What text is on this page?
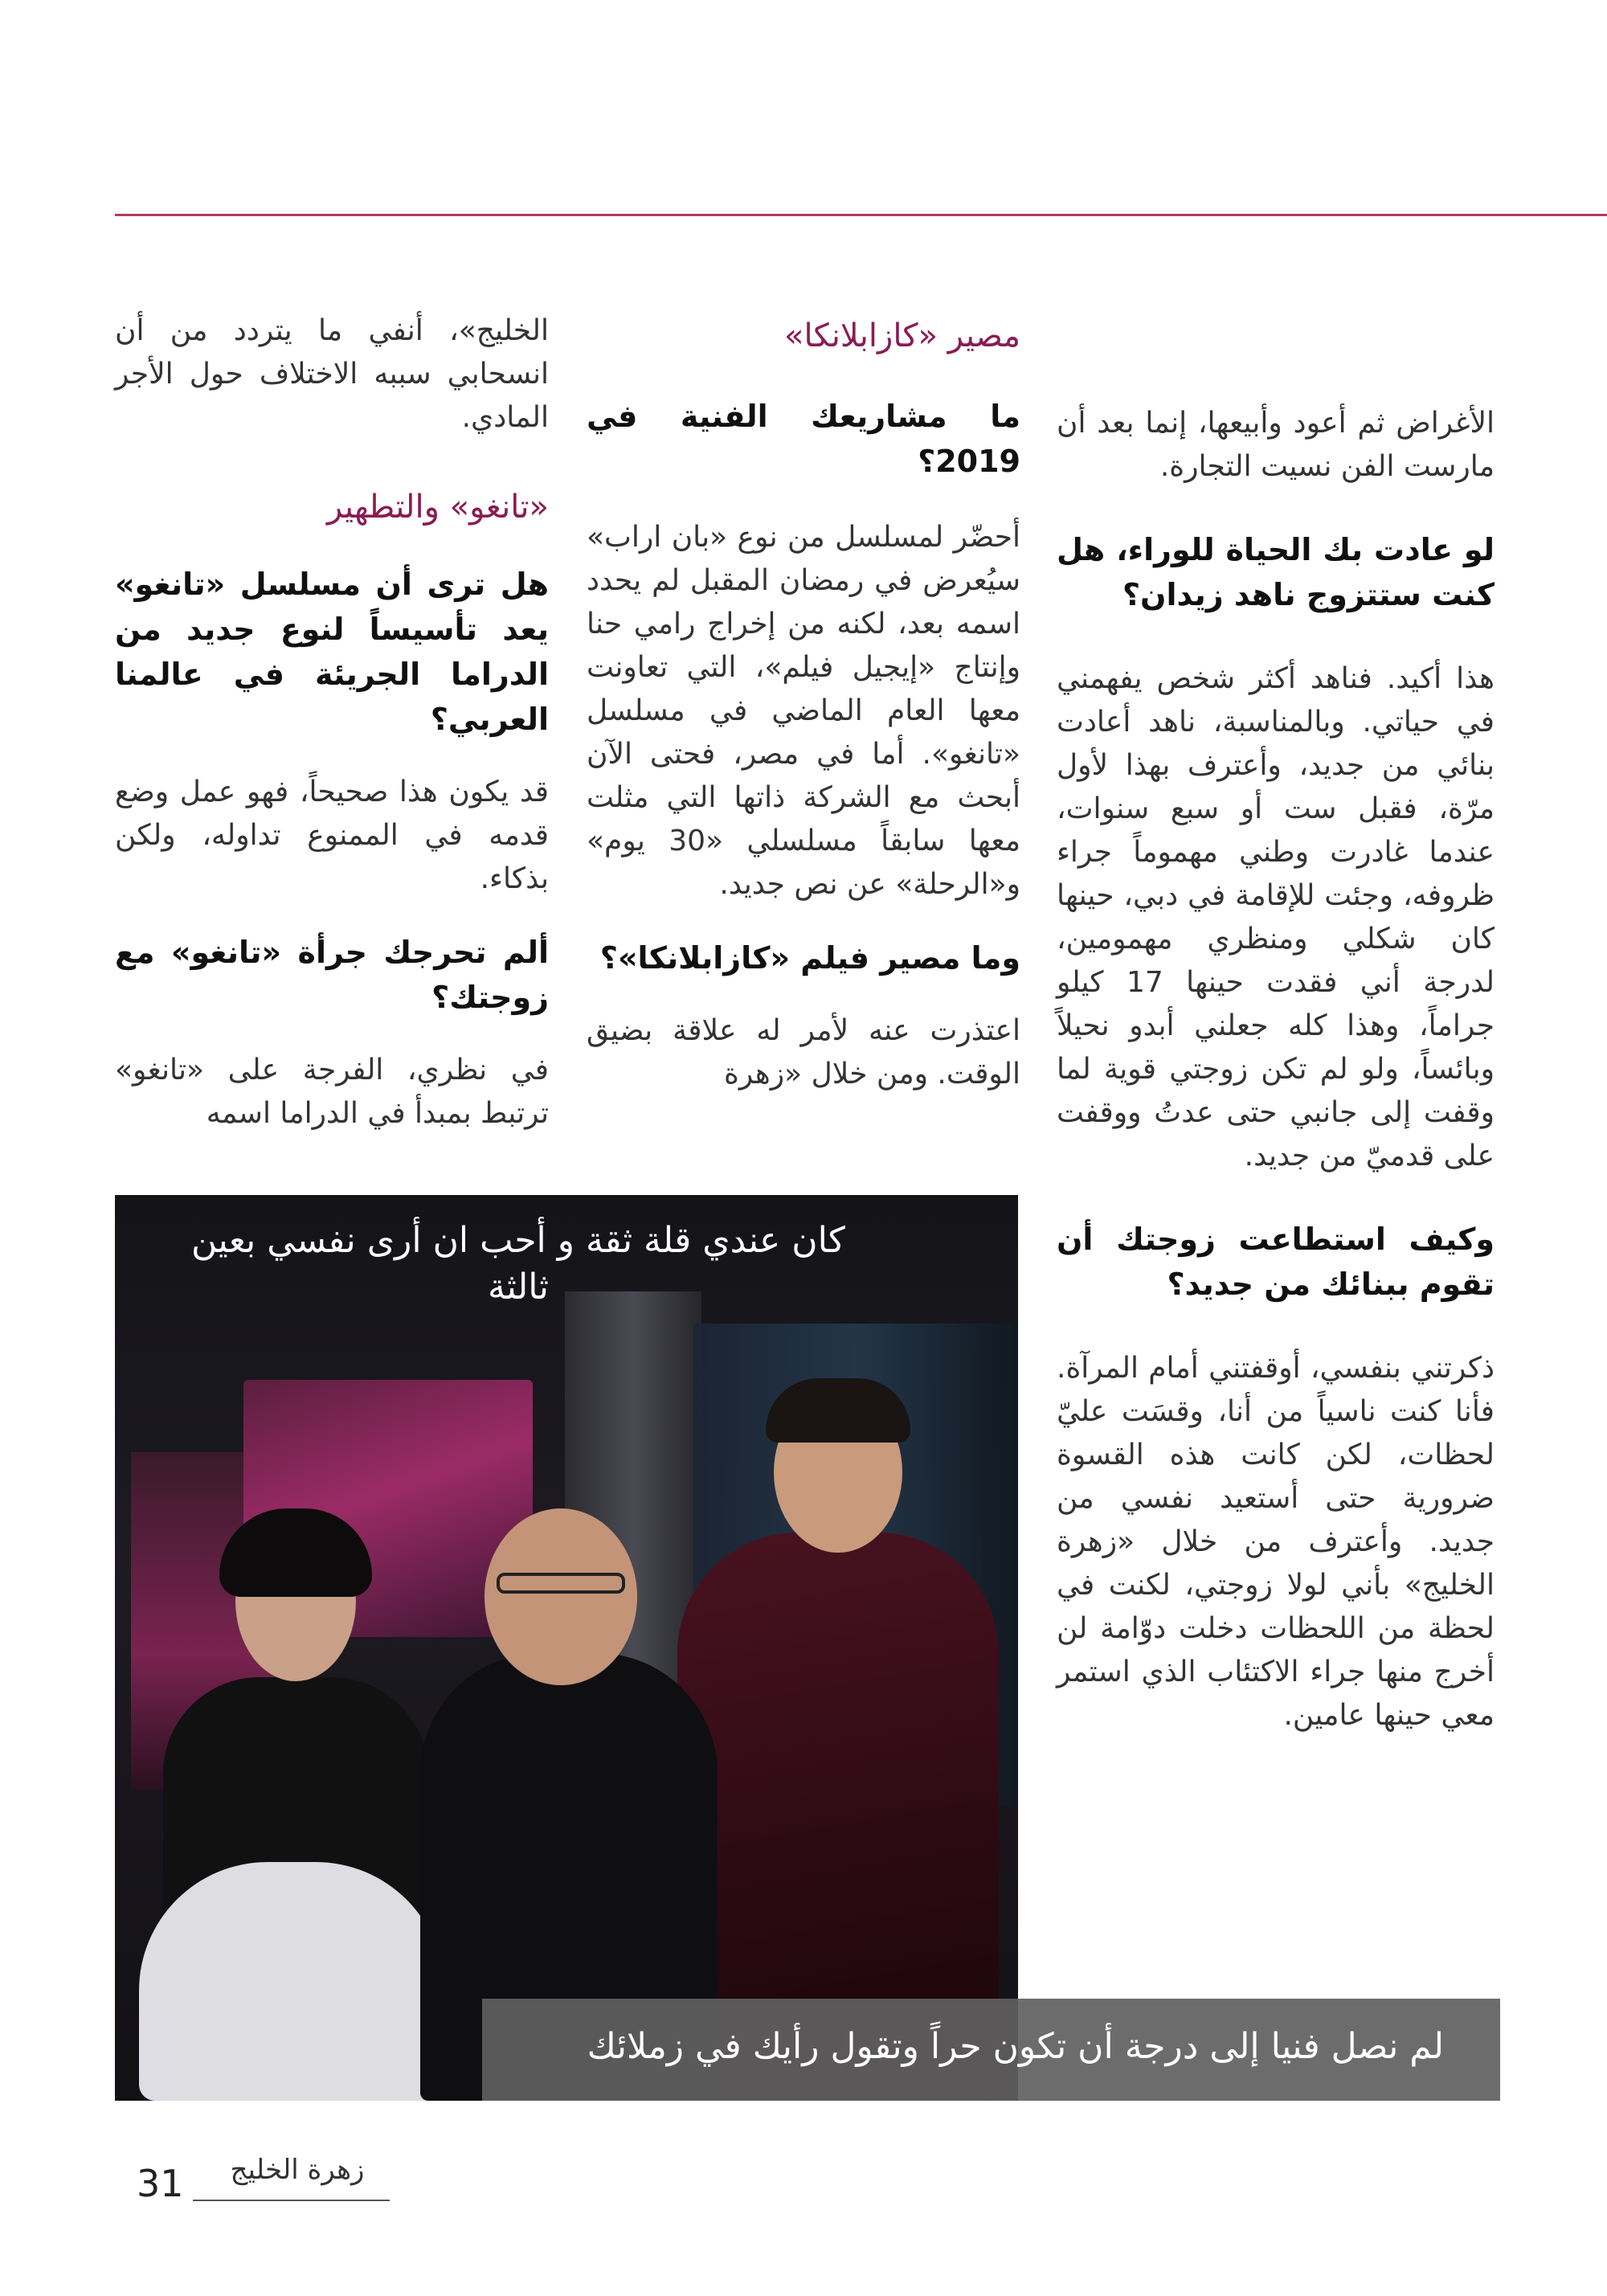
الأغراض ثم أعود وأبيعها، إنما بعد أن مارست الفن نسيت التجارة.

لو عادت بك الحياة للوراء، هل كنت ستتزوج ناهد زيدان؟

هذا أكيد. فناهد أكثر شخص يفهمني في حياتي. وبالمناسبة، ناهد أعادت بنائي من جديد، وأعترف بهذا لأول مرّة، فقبل ست أو سبع سنوات، عندما غادرت وطني مهموماً جراء ظروفه، وجئت للإقامة في دبي، حينها كان شكلي ومنظري مهمومين، لدرجة أني فقدت حينها 17 كيلو جراماً، وهذا كله جعلني أبدو نحيلاً وبائساً، ولو لم تكن زوجتي قوية لما وقفت إلى جانبي حتى عدتُ ووقفت على قدميّ من جديد.

وكيف استطاعت زوجتك أن تقوم ببنائك من جديد؟

ذكرتني بنفسي، أوقفتني أمام المرآة. فأنا كنت ناسياً من أنا، وقسَت عليّ لحظات، لكن كانت هذه القسوة ضرورية حتى أستعيد نفسي من جديد. وأعترف من خلال «زهرة الخليج» بأني لولا زوجتي، لكنت في لحظة من اللحظات دخلت دوّامة لن أخرج منها جراء الاكتئاب الذي استمر معي حينها عامين.

مصير «كازابلانكا»

ما مشاريعك الفنية في 2019؟

أحضّر لمسلسل من نوع «بان اراب» سيُعرض في رمضان المقبل لم يحدد اسمه بعد، لكنه من إخراج رامي حنا وإنتاج «إيجيل فيلم»، التي تعاونت معها العام الماضي في مسلسل «تانغو». أما في مصر، فحتى الآن أبحث مع الشركة ذاتها التي مثلت معها سابقاً مسلسلي «30 يوم» و«الرحلة» عن نص جديد.

وما مصير فيلم «كازابلانكا»؟

اعتذرت عنه لأمر له علاقة بضيق الوقت. ومن خلال «زهرة

الخليج»، أنفي ما يتردد من أن انسحابي سببه الاختلاف حول الأجر المادي.

«تانغو» والتطهير

هل ترى أن مسلسل «تانغو» يعد تأسيساً لنوع جديد من الدراما الجريئة في عالمنا العربي؟

قد يكون هذا صحيحاً، فهو عمل وضع قدمه في الممنوع تداوله، ولكن بذكاء.

ألم تحرجك جرأة «تانغو» مع زوجتك؟

في نظري، الفرجة على «تانغو» ترتبط بمبدأ في الدراما اسمه

كان عندي قلة ثقة و أحب ان أرى نفسي بعين ثالثة
لم نصل فنيا إلى درجة أن تكون حراً وتقول رأيك في زملائك
زهرة الخليج
31
